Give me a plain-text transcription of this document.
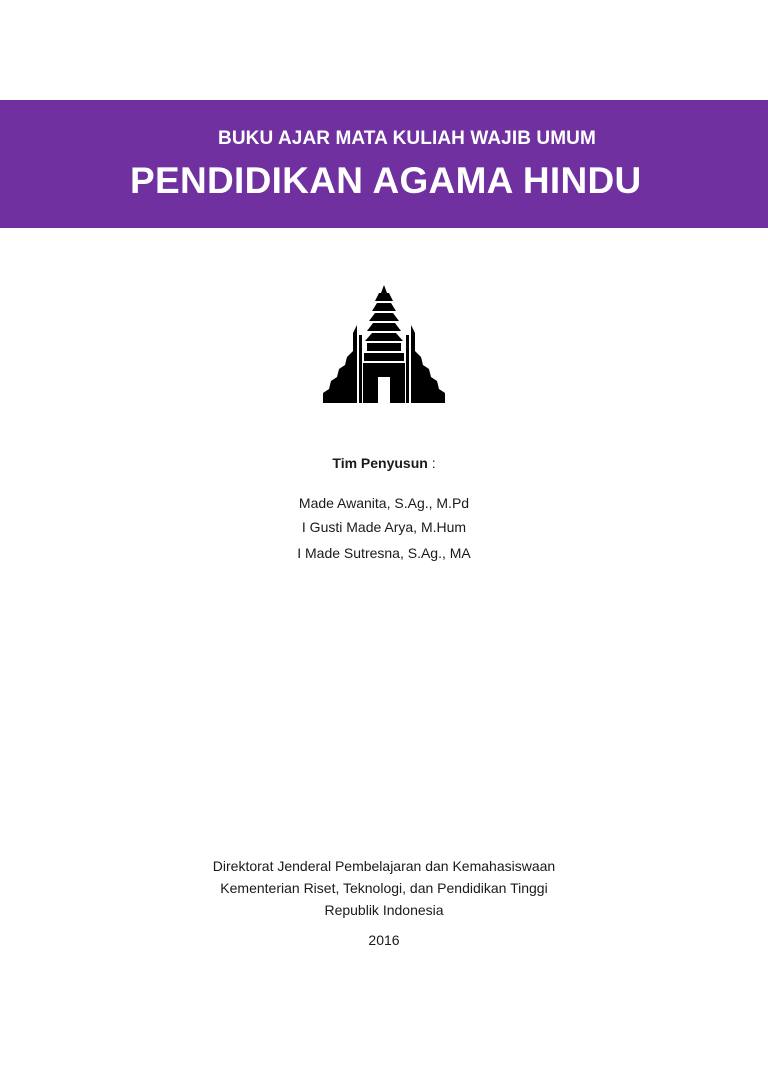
BUKU AJAR MATA KULIAH WAJIB UMUM
PENDIDIKAN AGAMA HINDU
Tim Penyusun :
Made Awanita, S.Ag., M.Pd
I Gusti Made Arya, M.Hum
I Made Sutresna, S.Ag., MA
Direktorat Jenderal Pembelajaran dan Kemahasiswaan
Kementerian Riset, Teknologi, dan Pendidikan Tinggi
Republik Indonesia
2016
